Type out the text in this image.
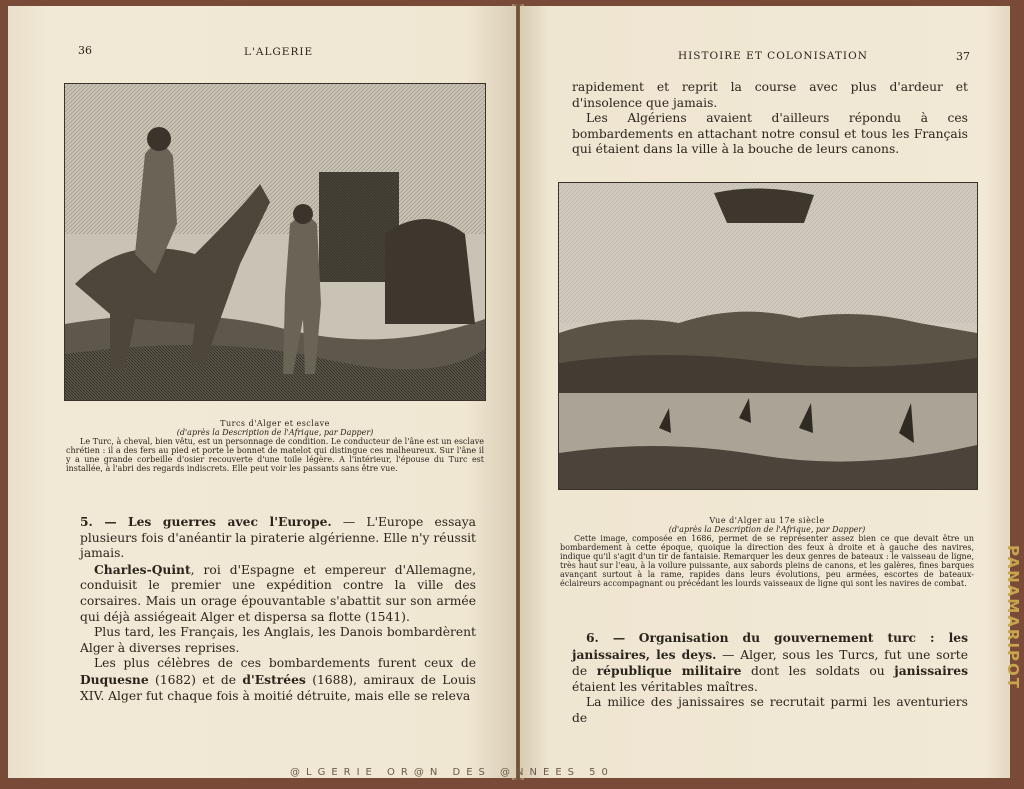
36	L'ALGERIE
Turcs d'Alger et esclave
(d'après la Description de l'Afrique, par Dapper)

Le Turc, à cheval, bien vêtu, est un personnage de condition. Le conducteur de l'âne est un esclave chrétien : il a des fers au pied et porte le bonnet de matelot qui distingue ces malheureux. Sur l'âne il y a une grande corbeille d'osier recouverte d'une toile légère. A l'intérieur, l'épouse du Turc est installée, à l'abri des regards indiscrets. Elle peut voir les passants sans être vue.

5. — Les guerres avec l'Europe. — L'Europe essaya plusieurs fois d'anéantir la piraterie algérienne. Elle n'y réussit jamais.

Charles-Quint, roi d'Espagne et empereur d'Allemagne, conduisit le premier une expédition contre la ville des corsaires. Mais un orage épouvantable s'abattit sur son armée qui déjà assiégeait Alger et dispersa sa flotte (1541).

Plus tard, les Français, les Anglais, les Danois bombardèrent Alger à diverses reprises.

Les plus célèbres de ces bombardements furent ceux de Duquesne (1682) et de d'Estrées (1688), amiraux de Louis XIV. Alger fut chaque fois à moitié détruite, mais elle se releva

HISTOIRE ET COLONISATION	37

rapidement et reprit la course avec plus d'ardeur et d'insolence que jamais.

Les Algériens avaient d'ailleurs répondu à ces bombardements en attachant notre consul et tous les Français qui étaient dans la ville à la bouche de leurs canons.

Vue d'Alger au 17e siècle
(d'après la Description de l'Afrique, par Dapper)

Cette image, composée en 1686, permet de se représenter assez bien ce que devait être un bombardement à cette époque, quoique la direction des feux à droite et à gauche des navires, indique qu'il s'agit d'un tir de fantaisie. Remarquer les deux genres de bateaux : le vaisseau de ligne, très haut sur l'eau, à la voilure puissante, aux sabords pleins de canons, et les galères, fines barques avançant surtout à la rame, rapides dans leurs évolutions, peu armées, escortes de bateaux-éclaireurs accompagnant ou précédant les lourds vaisseaux de ligne qui sont les navires de combat.

6. — Organisation du gouvernement turc : les janissaires, les deys. — Alger, sous les Turcs, fut une sorte de république militaire dont les soldats ou janissaires étaient les véritables maîtres.

La milice des janissaires se recrutait parmi les aventuriers de

@LGERIE OR@N DES @NNEES 50
PANAMARIPOT
